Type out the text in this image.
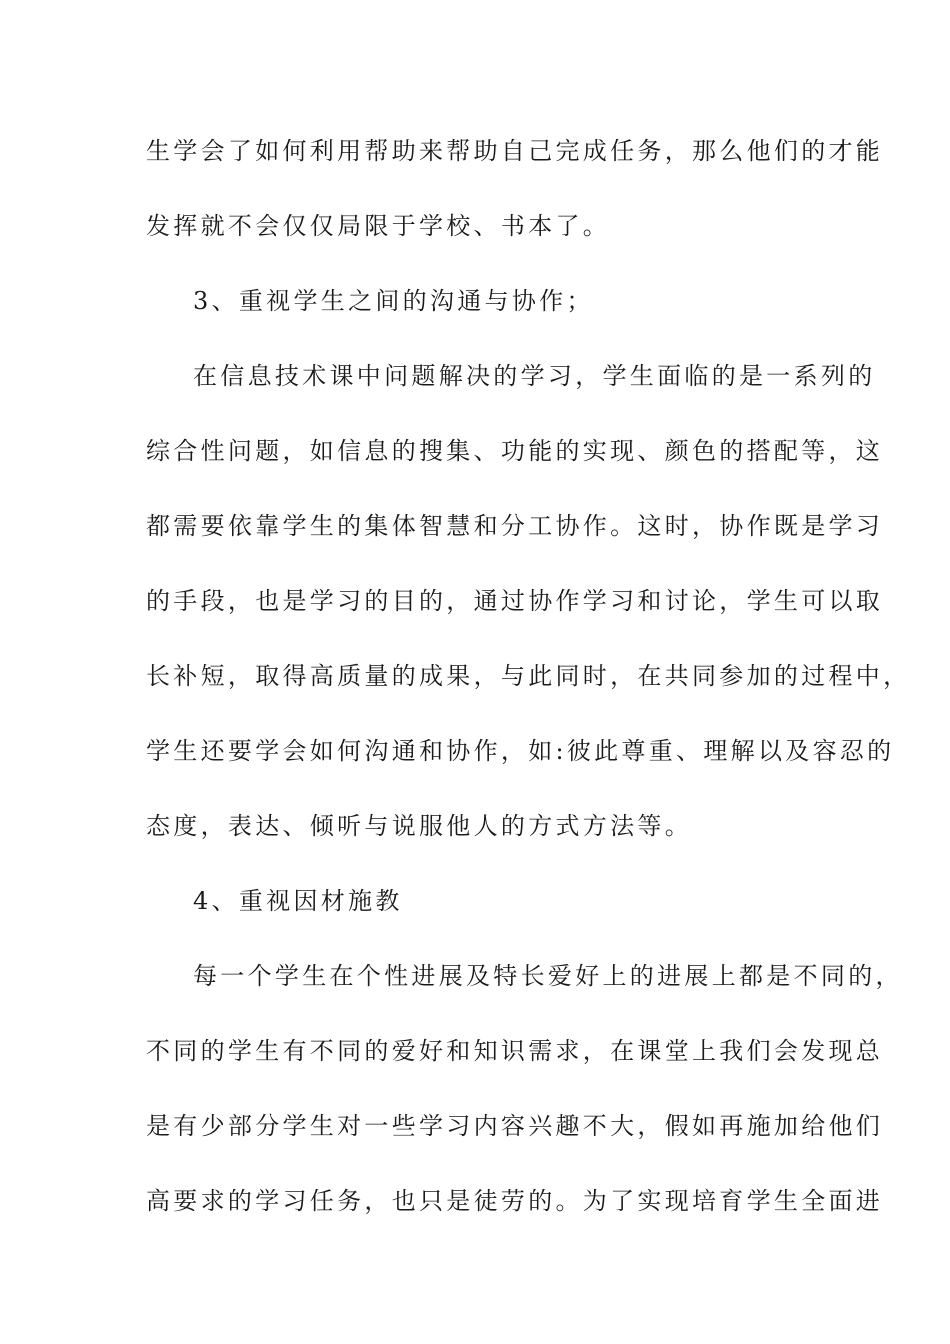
生学会了如何利用帮助来帮助自己完成任务，那么他们的才能
发挥就不会仅仅局限于学校、书本了。
3、重视学生之间的沟通与协作；
在信息技术课中问题解决的学习，学生面临的是一系列的
综合性问题，如信息的搜集、功能的实现、颜色的搭配等，这
都需要依靠学生的集体智慧和分工协作。这时，协作既是学习
的手段，也是学习的目的，通过协作学习和讨论，学生可以取
长补短，取得高质量的成果，与此同时，在共同参加的过程中，
学生还要学会如何沟通和协作，如:彼此尊重、理解以及容忍的
态度，表达、倾听与说服他人的方式方法等。
4、重视因材施教
每一个学生在个性进展及特长爱好上的进展上都是不同的，
不同的学生有不同的爱好和知识需求，在课堂上我们会发现总
是有少部分学生对一些学习内容兴趣不大，假如再施加给他们
高要求的学习任务，也只是徒劳的。为了实现培育学生全面进
